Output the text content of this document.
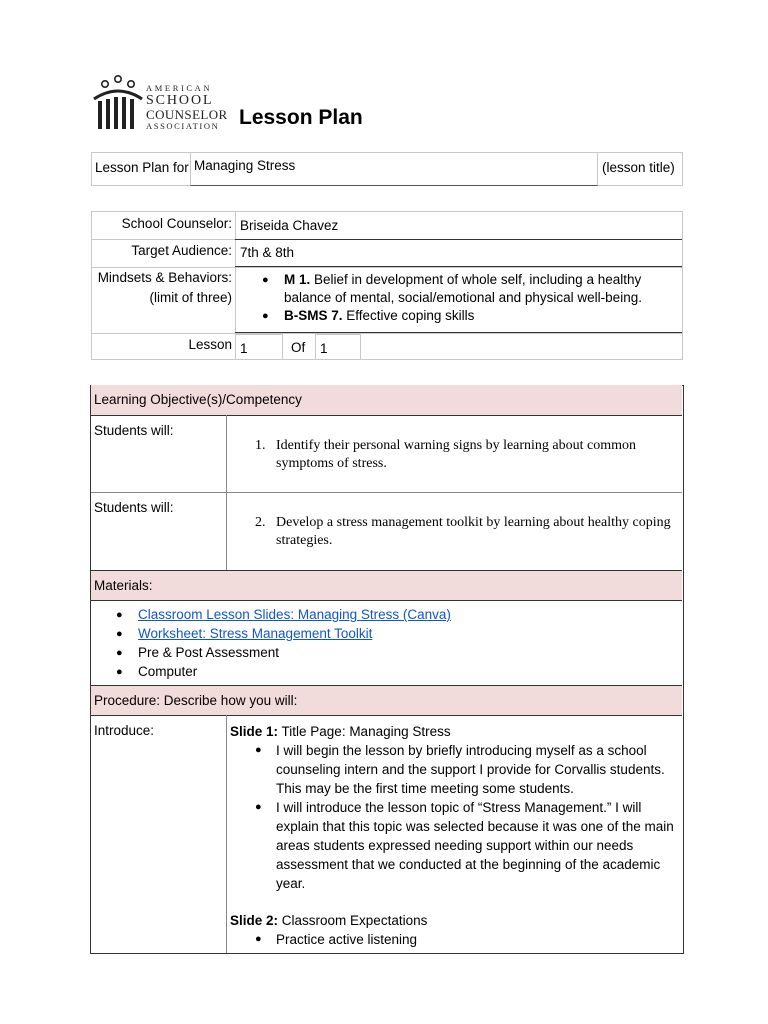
AMERICAN
SCHOOL
COUNSELOR
ASSOCIATION Lesson Plan
Lesson Plan for Managing Stress	(lesson title)
School Counselor: Briseida Chavez
Target Audience: 7th & 8th
Mindsets & Behaviors:
(limit of three)
● M 1. Belief in development of whole self, including a healthy balance of mental, social/emotional and physical well-being.
● B-SMS 7. Effective coping skills
Lesson 1	Of	1
Learning Objective(s)/Competency
Students will:
1. Identify their personal warning signs by learning about common symptoms of stress.
Students will:
2. Develop a stress management toolkit by learning about healthy coping strategies.
Materials:
● Classroom Lesson Slides: Managing Stress (Canva)
● Worksheet: Stress Management Toolkit
● Pre & Post Assessment
● Computer
Procedure: Describe how you will:
Introduce:	Slide 1: Title Page: Managing Stress
● I will begin the lesson by briefly introducing myself as a school counseling intern and the support I provide for Corvallis students. This may be the first time meeting some students.
● I will introduce the lesson topic of “Stress Management.” I will explain that this topic was selected because it was one of the main areas students expressed needing support within our needs assessment that we conducted at the beginning of the academic year.
Slide 2: Classroom Expectations
● Practice active listening
